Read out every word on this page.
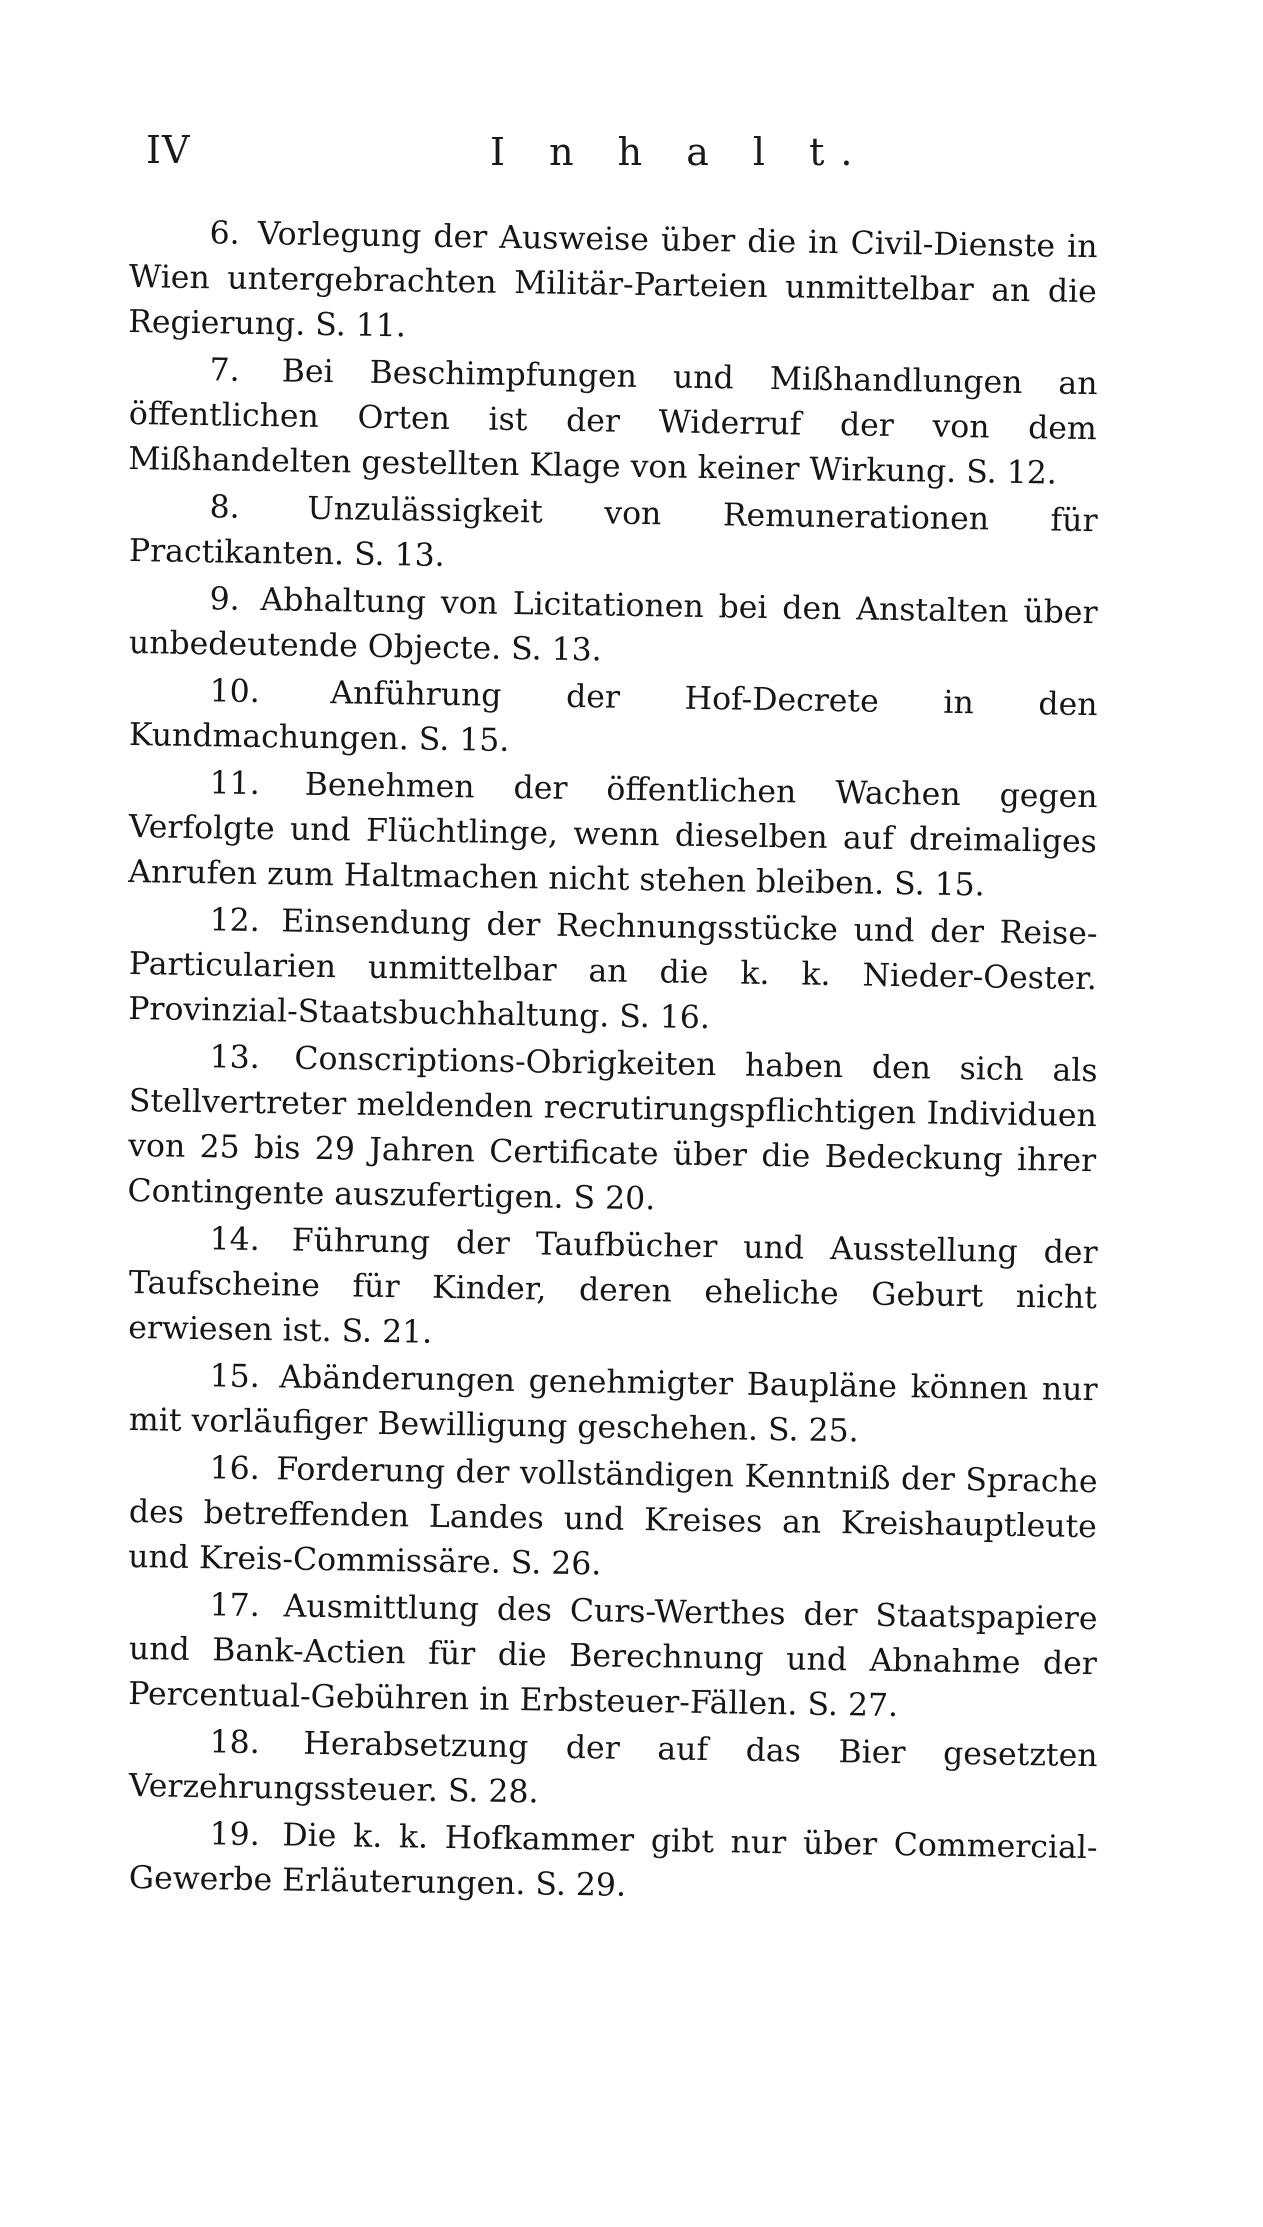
IV	I n h a l t.

6. Vorlegung der Ausweise über die in Civil-Dienste in Wien untergebrachten Militär-Parteien unmittelbar an die Regierung. S. 11.

7. Bei Beschimpfungen und Mißhandlungen an öffentlichen Orten ist der Widerruf der von dem Mißhandelten gestellten Klage von keiner Wirkung. S. 12.

8. Unzulässigkeit von Remunerationen für Practikanten. S. 13.

9. Abhaltung von Licitationen bei den Anstalten über unbedeutende Objecte. S. 13.

10. Anführung der Hof-Decrete in den Kundmachungen. S. 15.

11. Benehmen der öffentlichen Wachen gegen Verfolgte und Flüchtlinge, wenn dieselben auf dreimaliges Anrufen zum Haltmachen nicht stehen bleiben. S. 15.

12. Einsendung der Rechnungsstücke und der Reise-Particularien unmittelbar an die k. k. Nieder-Oester. Provinzial-Staatsbuchhaltung. S. 16.

13. Conscriptions-Obrigkeiten haben den sich als Stellvertreter meldenden recrutirungspflichtigen Individuen von 25 bis 29 Jahren Certificate über die Bedeckung ihrer Contingente auszufertigen. S 20.

14. Führung der Taufbücher und Ausstellung der Taufscheine für Kinder, deren eheliche Geburt nicht erwiesen ist. S. 21.

15. Abänderungen genehmigter Baupläne können nur mit vorläufiger Bewilligung geschehen. S. 25.

16. Forderung der vollständigen Kenntniß der Sprache des betreffenden Landes und Kreises an Kreishauptleute und Kreis-Commissäre. S. 26.

17. Ausmittlung des Curs-Werthes der Staatspapiere und Bank-Actien für die Berechnung und Abnahme der Percentual-Gebühren in Erbsteuer-Fällen. S. 27.

18. Herabsetzung der auf das Bier gesetzten Verzehrungssteuer. S. 28.

19. Die k. k. Hofkammer gibt nur über Commercial-Gewerbe Erläuterungen. S. 29.
